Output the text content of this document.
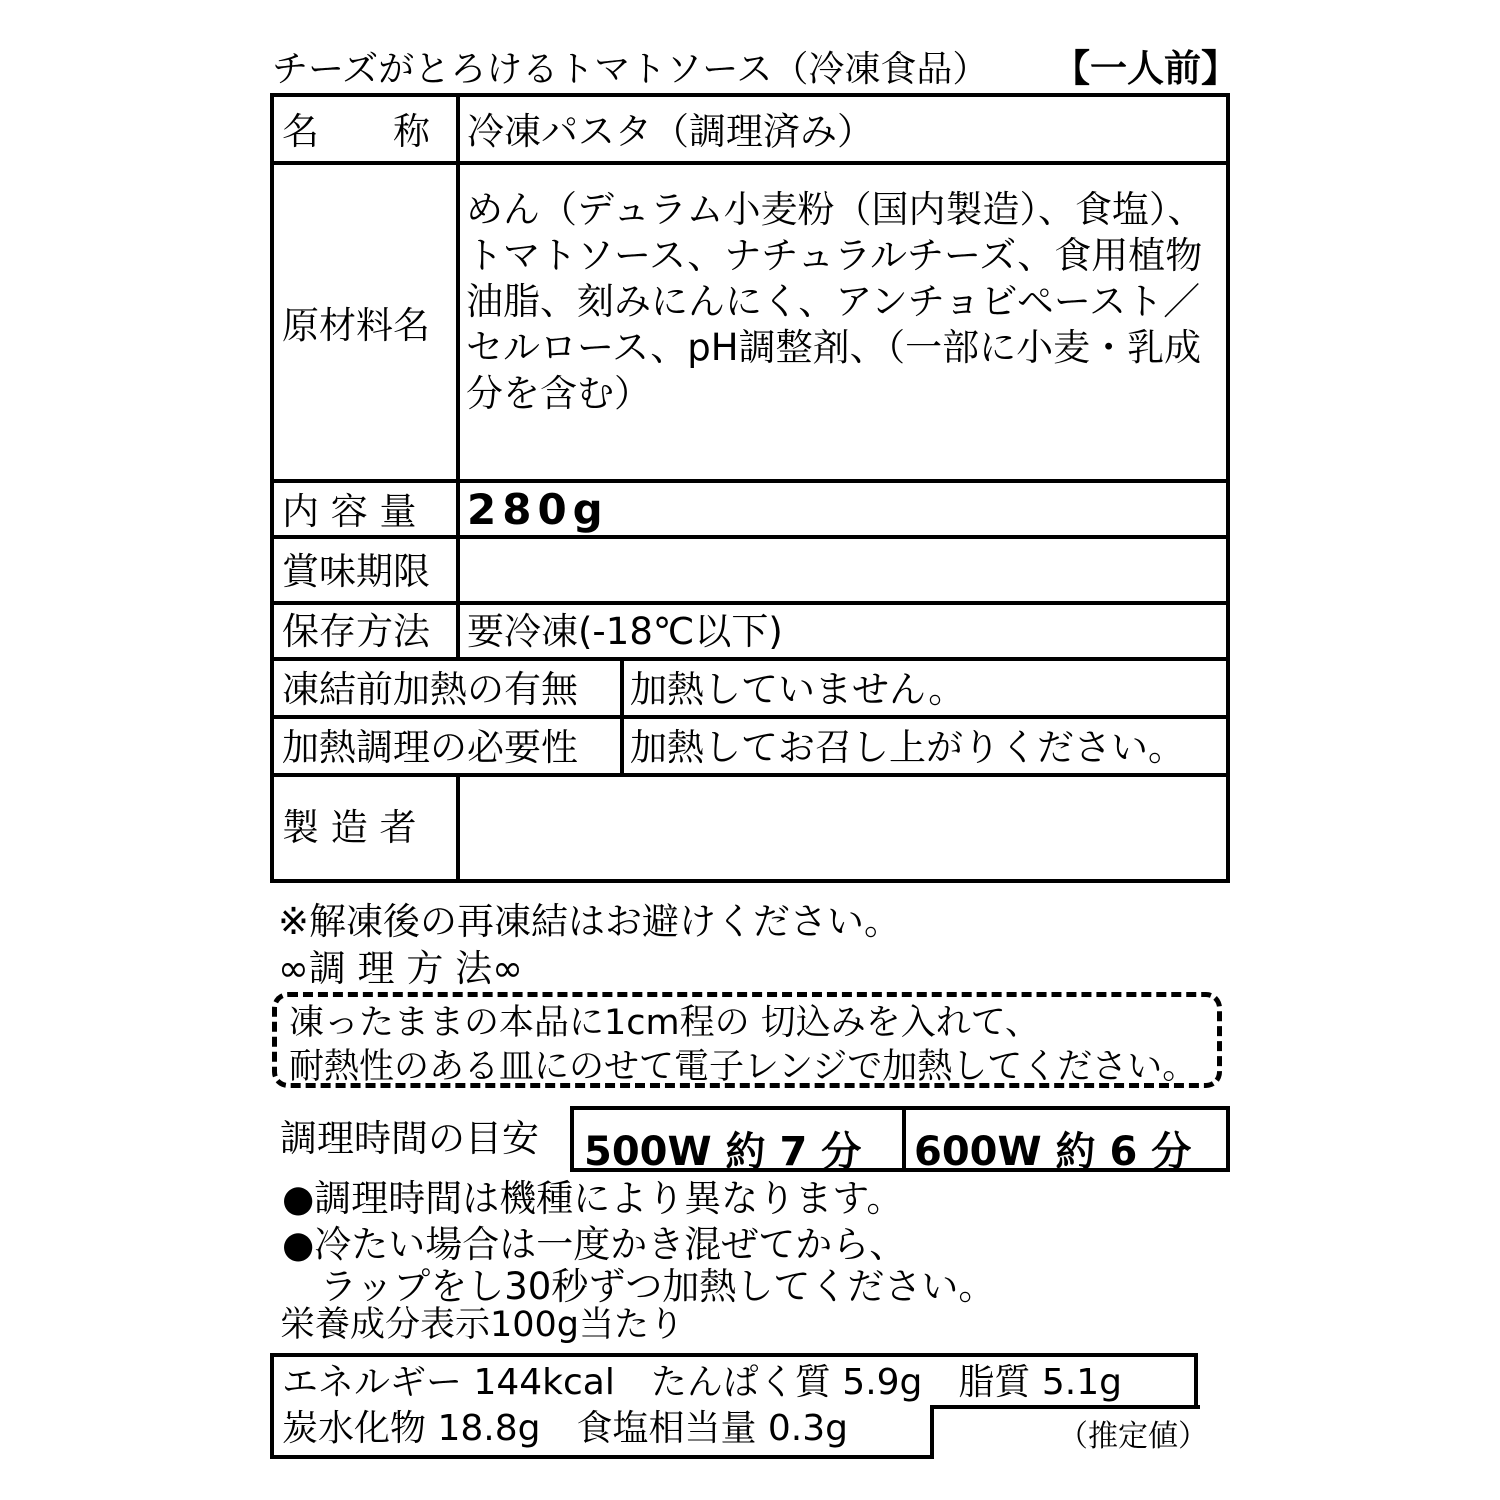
チーズがとろけるトマトソース（冷凍食品） 【一人前】
名　　称 冷凍パスタ（調理済み）
原材料名
めん（デュラム小麦粉（国内製造）、食塩）、トマトソース、ナチュラルチーズ、食用植物油脂、刻みにんにく、アンチョビペースト／セルロース、pH調整剤、（一部に小麦・乳成分を含む）
内 容 量 280g
賞味期限
保存方法 要冷凍(-18℃以下)
凍結前加熱の有無 加熱していません。
加熱調理の必要性 加熱してお召し上がりください。
製 造 者
※解凍後の再凍結はお避けください。
∞調 理 方 法∞
凍ったままの本品に1cm程の 切込みを入れて、
耐熱性のある皿にのせて電子レンジで加熱してください。
調理時間の目安 500W 約 7 分 600W 約 6 分
●調理時間は機種により異なります。
●冷たい場合は一度かき混ぜてから、
ラップをし30秒ずつ加熱してください。
栄養成分表示100g当たり
エネルギー 144kcal　たんぱく質 5.9g　脂質 5.1g
炭水化物 18.8g　食塩相当量 0.3g	（推定値）
